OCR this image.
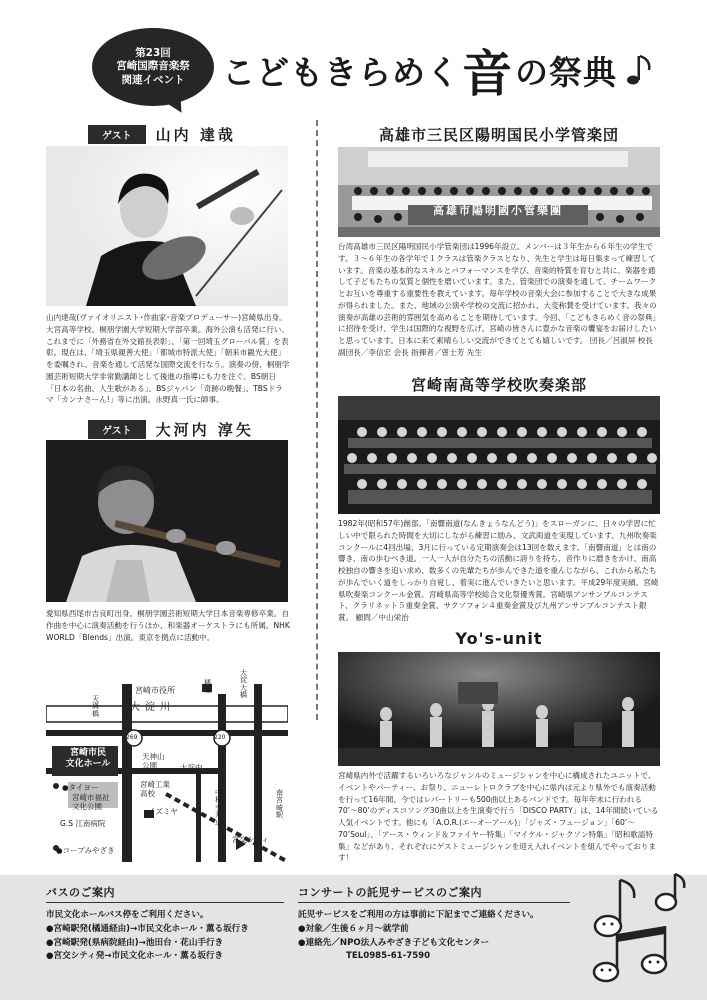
第23回
宮崎国際音楽祭
関連イベント こどもきらめく 音 の祭典
ゲスト	山内 達哉
山内達哉(ヴァイオリニスト･作曲家･音楽プロデューサー)宮崎県出身。大宮高等学校、桐朋学園大学短期大学部卒業。海外公演も活発に行い、これまでに「外務省在外交館長表彰」、「第一回埼玉グローバル賞」を表彰。現在は、「埼玉県親善大使」「都城市特派大使」「朝来市観光大使」を委嘱され、音楽を通して活発な国際交流を行なう。演奏の傍、桐朋学園芸術短期大学非常勤講師として後進の指導にも力を注ぐ。BS朝日「日本の名曲、人生歌がある」、BSジャパン「奇跡の晩餐」、TBSドラマ「カンナさーん!」等に出演。永野真一氏に師事。
ゲスト	大河内 淳矢
愛知県西尾市吉良町出身。桐朋学園芸術短期大学日本音楽専修卒業。自作曲を中心に演奏活動を行うほか、和楽器オーケストラにも所属。NHK WORLD「Blends」出演。東京を拠点に活動中。
宮崎市役所
大淀川
天満橋
橘通
大淀大橋
269	220
宮崎市民
文化ホール
●タイヨー
宮崎市福祉
文化公園
G.S 江南病院
●コープみやざき
天神山公園	大淀中
宮崎工業高校
イズミヤ
中村交差点
宮交シティ
南宮崎駅
高雄市三民区陽明国民小学管楽団
高雄市陽明國小管樂團
台湾高雄市三民区陽明国民小学管楽団は1996年設立。メンバーは３年生から６年生の学生です。３～６年生の各学年で１クラスは管楽クラスとなり、先生と学生は毎日集まって練習しています。音楽の基本的なスキルとパフォーマンスを学び、音楽的特質を育むと共に、楽器を通して子どもたちの気質と個性を磨いています。また、管楽団での演奏を通して、チームワークとお互いを尊重する重要性を教えています。毎年学校の音楽大会に参加することで大きな成果が得られました。また、地域の公演や学校の交流に招かれ、大変称賛を受けています。我々の演奏が高雄の芸術的雰囲気を高めることを期待しています。今回、「こどもきらめく音の祭典」に招待を受け、学生は国際的な視野を広げ、宮崎の皆さんに豊かな音楽の饗宴をお届けしたいと思っています。日本に来て素晴らしい交流ができてとても嬉しいです。 団長／呂淑屏 校長 副団長／李信宏 会長 指揮者／曾士芳 先生
宮崎南高等学校吹奏楽部
1982年(昭和57年)創部。「南響南道(なんきょうなんどう)」をスローガンに、日々の学習に忙しい中で限られた時間を大切にしながら練習に励み、文武両道を実現しています。九州吹奏楽コンクールに4回出場、3月に行っている定期演奏会は13回を数えます。「南響南道」とは南の響き、南の歩むべき道。一人一人が自分たちの活動に誇りを持ち、音作りに磨きをかけ、南高校独自の響きを追い求め、数多くの先輩たちが歩んできた道を重んじながら、これから私たちが歩んでいく道をしっかり自覚し、着実に進んでいきたいと思います。平成29年度実績。宮崎県吹奏楽コンクール金賞。宮崎県高等学校総合文化祭優秀賞。宮崎県アンサンブルコンテスト、クラリネット５重奏金賞、サクソフォン４重奏金賞及び九州アンサンブルコンテスト銀賞。 顧問／中山栄治
Yo's-unit
宮崎県内外で活躍するいろいろなジャンルのミュージシャンを中心に構成されたユニットで、イベントやパーティー、お祭り、ニューレトロクラブを中心に県内は元より県外でも演奏活動を行って16年間、今ではレパートリーも500曲以上あるバンドです。毎年年末に行われる70’～80’のディスコソング30曲以上を生演奏で行う「DISCO PARTY」は、14年間続いている人気イベントです。他にも「A.O.R.(エーオーアール)」「ジャズ・フュージョン」「60’～70’Soul」、「アース・ウィンド＆ファイヤー特集」「マイケル・ジャクソン特集」「昭和歌謡特集」などがあり、それぞれにゲストミュージシャンを迎え入れイベントを組んでやっております！
バスのご案内
市民文化ホールバス停をご利用ください。
●宮崎駅発(橘通経由)→市民文化ホール・薫る坂行き
●宮崎駅発(県病院経由)→池田台・花山手行き
●宮交シティ発→市民文化ホール・薫る坂行き
コンサートの託児サービスのご案内
託児サービスをご利用の方は事前に下記までご連絡ください。
●対象／生後６ヶ月～就学前
●連絡先／NPO法人みやざき子ども文化センター
TEL0985-61-7590
